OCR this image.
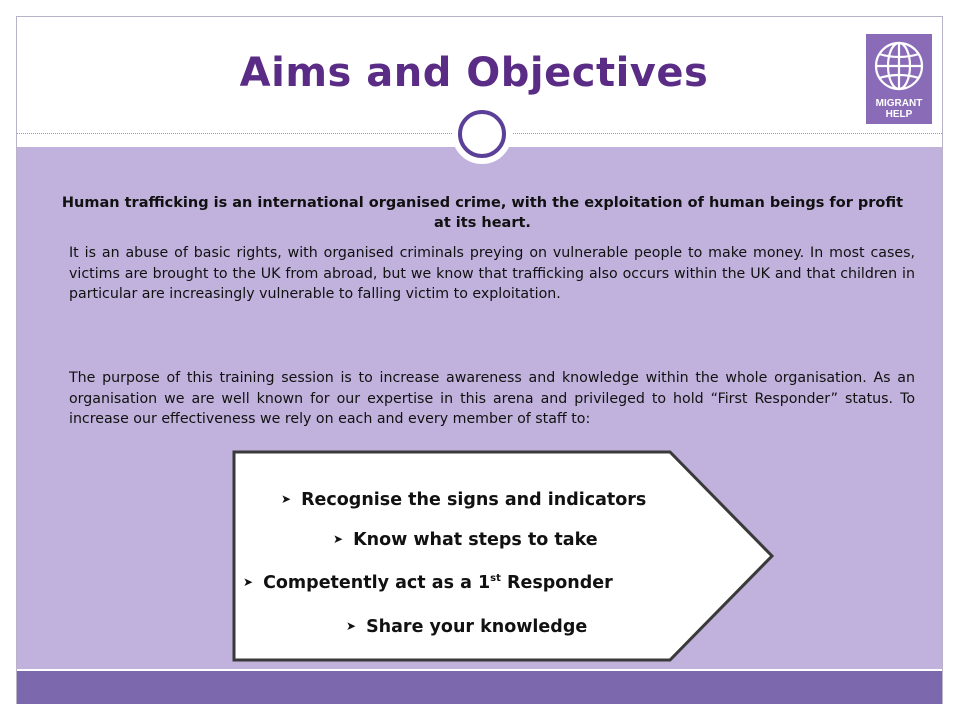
Aims and Objectives
MIGRANT
HELP
Human trafficking is an international organised crime, with the exploitation of human beings for profit at its heart.
It is an abuse of basic rights, with organised criminals preying on vulnerable people to make money. In most cases, victims are brought to the UK from abroad, but we know that trafficking also occurs within the UK and that children in particular are increasingly vulnerable to falling victim to exploitation.
The purpose of this training session is to increase awareness and knowledge within the whole organisation. As an organisation we are well known for our expertise in this arena and privileged to hold “First Responder” status. To increase our effectiveness we rely on each and every member of staff to:
➤ Recognise the signs and indicators
➤ Know what steps to take
➤ Competently act as a 1st Responder
➤ Share your knowledge
